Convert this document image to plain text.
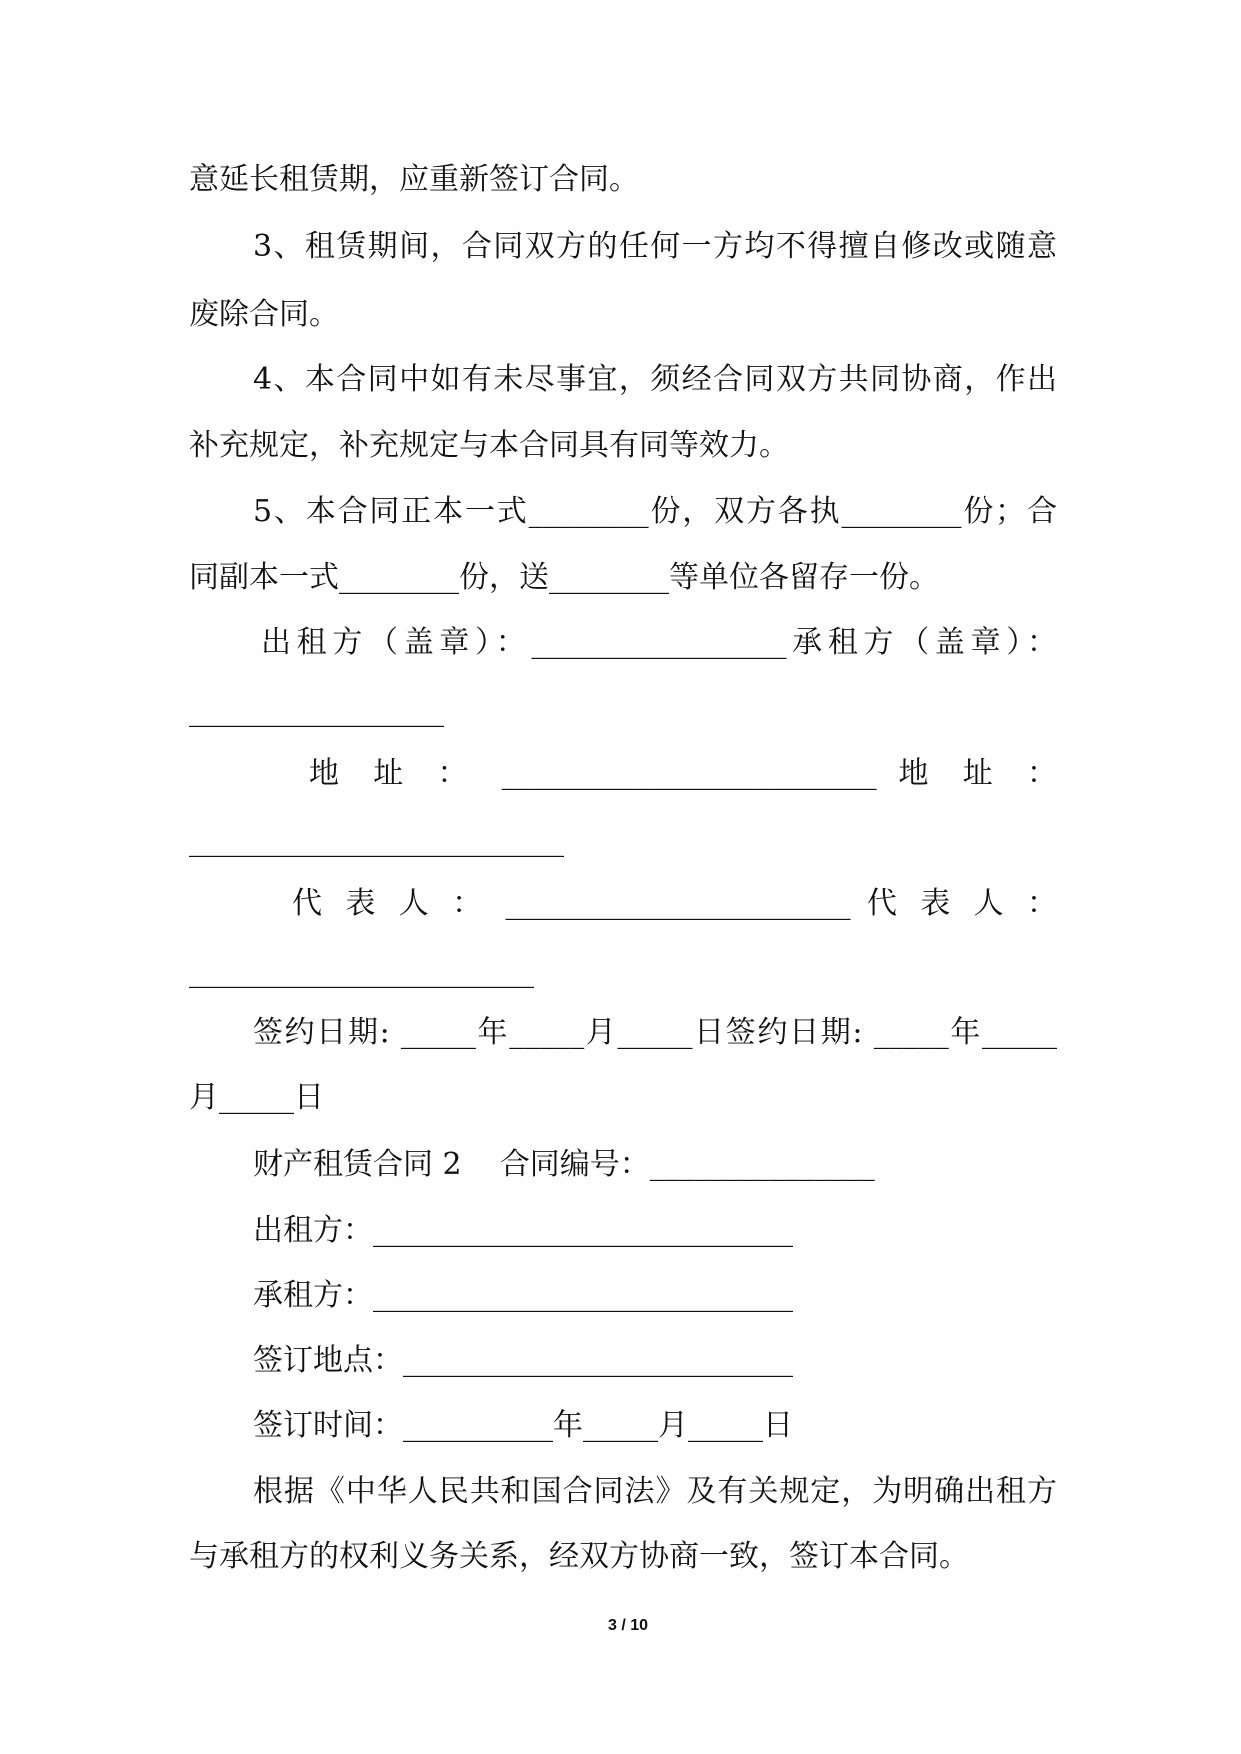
意延长租赁期，应重新签订合同。
3、租赁期间，合同双方的任何一方均不得擅自修改或随意
废除合同。
4、本合同中如有未尽事宜，须经合同双方共同协商，作出
补充规定，补充规定与本合同具有同等效力。
5、本合同正本一式________份，双方各执________份；合
同副本一式________份，送________等单位各留存一份。
出租方（盖章）：_________________承租方（盖章）：
_________________
地 址 ： _________________________ 地 址 ：
_________________________
代 表 人 ： _______________________ 代 表 人 ：
_______________________
签约日期: _____年_____月_____日签约日期: _____年_____
月_____日
财产租赁合同 2    合同编号：_______________
出租方：____________________________
承租方：____________________________
签订地点：__________________________
签订时间：__________年_____月_____日
根据《中华人民共和国合同法》及有关规定，为明确出租方
与承租方的权利义务关系，经双方协商一致，签订本合同。
3 / 10
